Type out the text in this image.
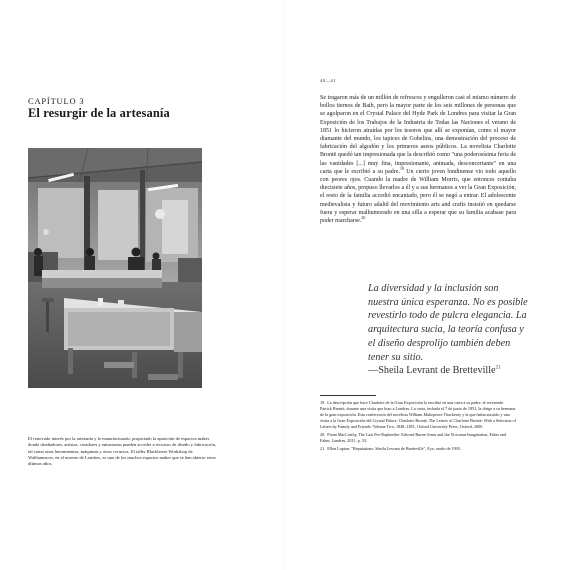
CAPÍTULO 3
El resurgir de la artesanía
El renovado interés por la artesanía y lo manufacturado, propiciado la aparición de espacios maker donde diseñadores, artistas, creadores y entusiastas pueden acceder a recursos de diseño y fabricación, tal como unas herramientas, máquinas y otros recursos. El taller Blackhorse Workshop de Walthamstow, en el noreste de Londres, es uno de los muchos espacios maker que se han abierto estos últimos años.
40—41
Se tragaron más de un millón de refrescos y engulleron casi el mismo número de bollos tiernos de Bath, pero la mayor parte de los seis millones de personas que se agolparon en el Crystal Palace del Hyde Park de Londres para visitar la Gran Exposición de los Trabajos de la Industria de Todas las Naciones el verano de 1851 lo hicieron atraídas por los tesoros que allí se exponían, como el mayor diamante del mundo, los tapices de Gobelins, una demostración del proceso de fabricación del algodón y los primeros aseos públicos. La novelista Charlotte Brontë quedó tan impresionada que la describió como "una poderosísima feria de las vanidades [...] muy fina, impresionante, animada, desconcertante" en una carta que le escribió a su padre.$^{19}$ Un cierto joven londinense vio todo aquello con peores ojos. Cuando la madre de William Morris, que entonces contaba diecisiete años, propuso llevarlos a él y a sus hermanos a ver la Gran Exposición, el resto de la familia accedió encantado, pero él se negó a entrar. El adolescente medievalista y futuro adalid del movimiento arts and crafts insistió en quedarse fuera y esperar malhumorado en una silla a esperar que su familia acabase para poder marcharse.$^{20}$
La diversidad y la inclusión son nuestra única esperanza. No es posible revestirlo todo de pulcra elegancia. La arquitectura sucia, la teoría confusa y el diseño desprolijo también deben tener su sitio.
—Sheila Levrant de Bretteville$^{21}$

19. La descripción que hace Charlotte de la Gran Exposición la escribió en una carta a su padre, el reverendo Patrick Brontë, durante una visita que hizo a Londres. La carta, fechada el 7 de junio de 1851, la dirige a su hermana de la gran exposición. Esta conferencia del novelista William Makepeace Thackeray y la que había asistido y una visita a la Gran Exposición del Crystal Palace. Charlotte Brontë, The Letters of Charlotte Brontë: With a Selection of Letters by Family and Friends: Volume Two, 1848–1851, Oxford University Press, Oxford, 2000.

20. Fiona MacCarthy, The Last Pre-Raphaelite: Edward Burne-Jones and the Victorian Imagination, Faber and Faber, Londres, 2011, p. 33.

21. Ellen Lupton, "Reputations: Sheila Levrant de Bretteville", Eye, otoño de 1993.
